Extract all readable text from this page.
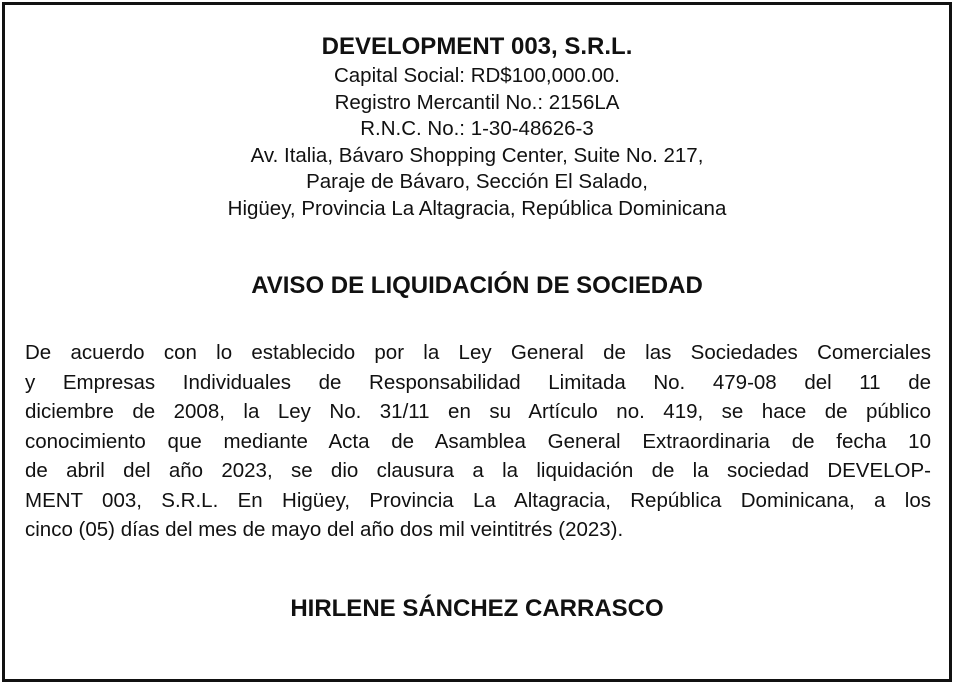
DEVELOPMENT 003, S.R.L.

Capital Social: RD$100,000.00.

Registro Mercantil No.: 2156LA

R.N.C. No.: 1-30-48626-3

Av. Italia, Bávaro Shopping Center, Suite No. 217,

Paraje de Bávaro, Sección El Salado,

Higüey, Provincia La Altagracia, República Dominicana

AVISO DE LIQUIDACIÓN DE SOCIEDAD

De acuerdo con lo establecido por la Ley General de las Sociedades Comerciales
y Empresas Individuales de Responsabilidad Limitada No. 479-08 del 11 de
diciembre de 2008, la Ley No. 31/11 en su Artículo no. 419, se hace de público
conocimiento que mediante Acta de Asamblea General Extraordinaria de fecha 10
de abril del año 2023, se dio clausura a la liquidación de la sociedad DEVELOP-
MENT 003, S.R.L. En Higüey, Provincia La Altagracia, República Dominicana, a los
cinco (05) días del mes de mayo del año dos mil veintitrés (2023).

HIRLENE SÁNCHEZ CARRASCO
